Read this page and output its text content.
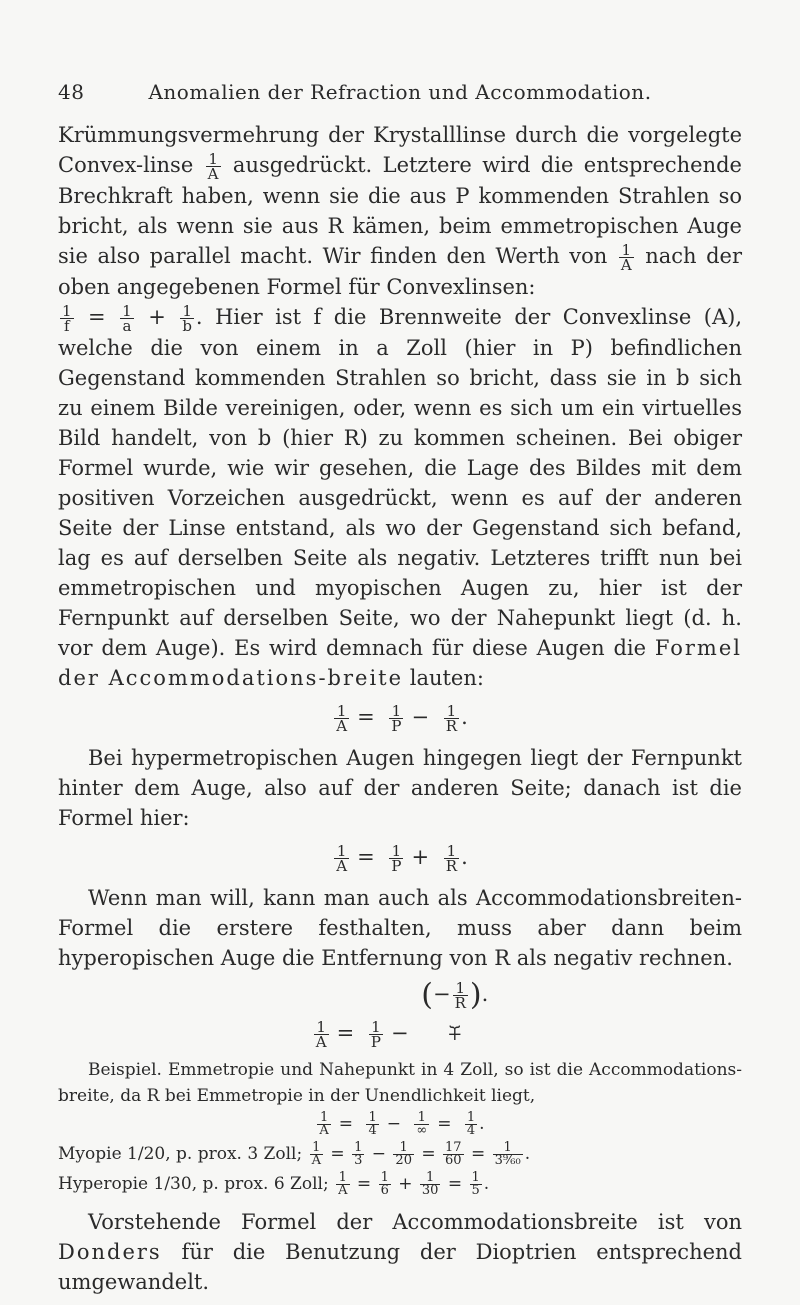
48	Anomalien der Refraction und Accommodation.

Krümmungsvermehrung der Krystalllinse durch die vorgelegte Convex-linse $\frac{1}{A}$ ausgedrückt. Letztere wird die entsprechende Brechkraft haben, wenn sie die aus P kommenden Strahlen so bricht, als wenn sie aus R kämen, beim emmetropischen Auge sie also parallel macht. Wir finden den Werth von $\frac{1}{A}$ nach der oben angegebenen Formel für Convexlinsen:

$\frac{1}{f} = \frac{1}{a} + \frac{1}{b}$ . Hier ist f die Brennweite der Convexlinse (A), welche die von einem in a Zoll (hier in P) befindlichen Gegenstand kommenden Strahlen so bricht, dass sie in b sich zu einem Bilde vereinigen, oder, wenn es sich um ein virtuelles Bild handelt, von b (hier R) zu kommen scheinen. Bei obiger Formel wurde, wie wir gesehen, die Lage des Bildes mit dem positiven Vorzeichen ausgedrückt, wenn es auf der anderen Seite der Linse entstand, als wo der Gegenstand sich befand, lag es auf derselben Seite als negativ. Letzteres trifft nun bei emmetropischen und myopischen Augen zu, hier ist der Fernpunkt auf derselben Seite, wo der Nahepunkt liegt (d. h. vor dem Auge). Es wird demnach für diese Augen die Formel der Accommodations-breite lauten:

$\frac{1}{A} = \frac{1}{P} - \frac{1}{R}$ .

Bei hypermetropischen Augen hingegen liegt der Fernpunkt hinter dem Auge, also auf der anderen Seite; danach ist die Formel hier:

$\frac{1}{A} = \frac{1}{P} + \frac{1}{R}$ .

Wenn man will, kann man auch als Accommodationsbreiten-Formel die erstere festhalten, muss aber dann beim hyperopischen Auge die Entfernung von R als negativ rechnen.

$\frac{1}{A} = \frac{1}{P}$ − (− $\frac{1}{R}$ ).
⏟
+

Beispiel. Emmetropie und Nahepunkt in 4 Zoll, so ist die Accommodations-breite, da R bei Emmetropie in der Unendlichkeit liegt,

$\frac{1}{A} = \frac{1}{4} - \frac{1}{\infty} = \frac{1}{4}$ .

Myopie 1/20, p. prox. 3 Zoll; $\frac{1}{A} = \frac{1}{3} - \frac{1}{20} = \frac{17}{60} = \frac{1}{\text{3⁹⁄₆₀}}$ .

Hyperopie 1/30, p. prox. 6 Zoll; $\frac{1}{A} = \frac{1}{6} + \frac{1}{30} = \frac{1}{5}$ .

Vorstehende Formel der Accommodationsbreite ist von Donders für die Benutzung der Dioptrien entsprechend umgewandelt.
